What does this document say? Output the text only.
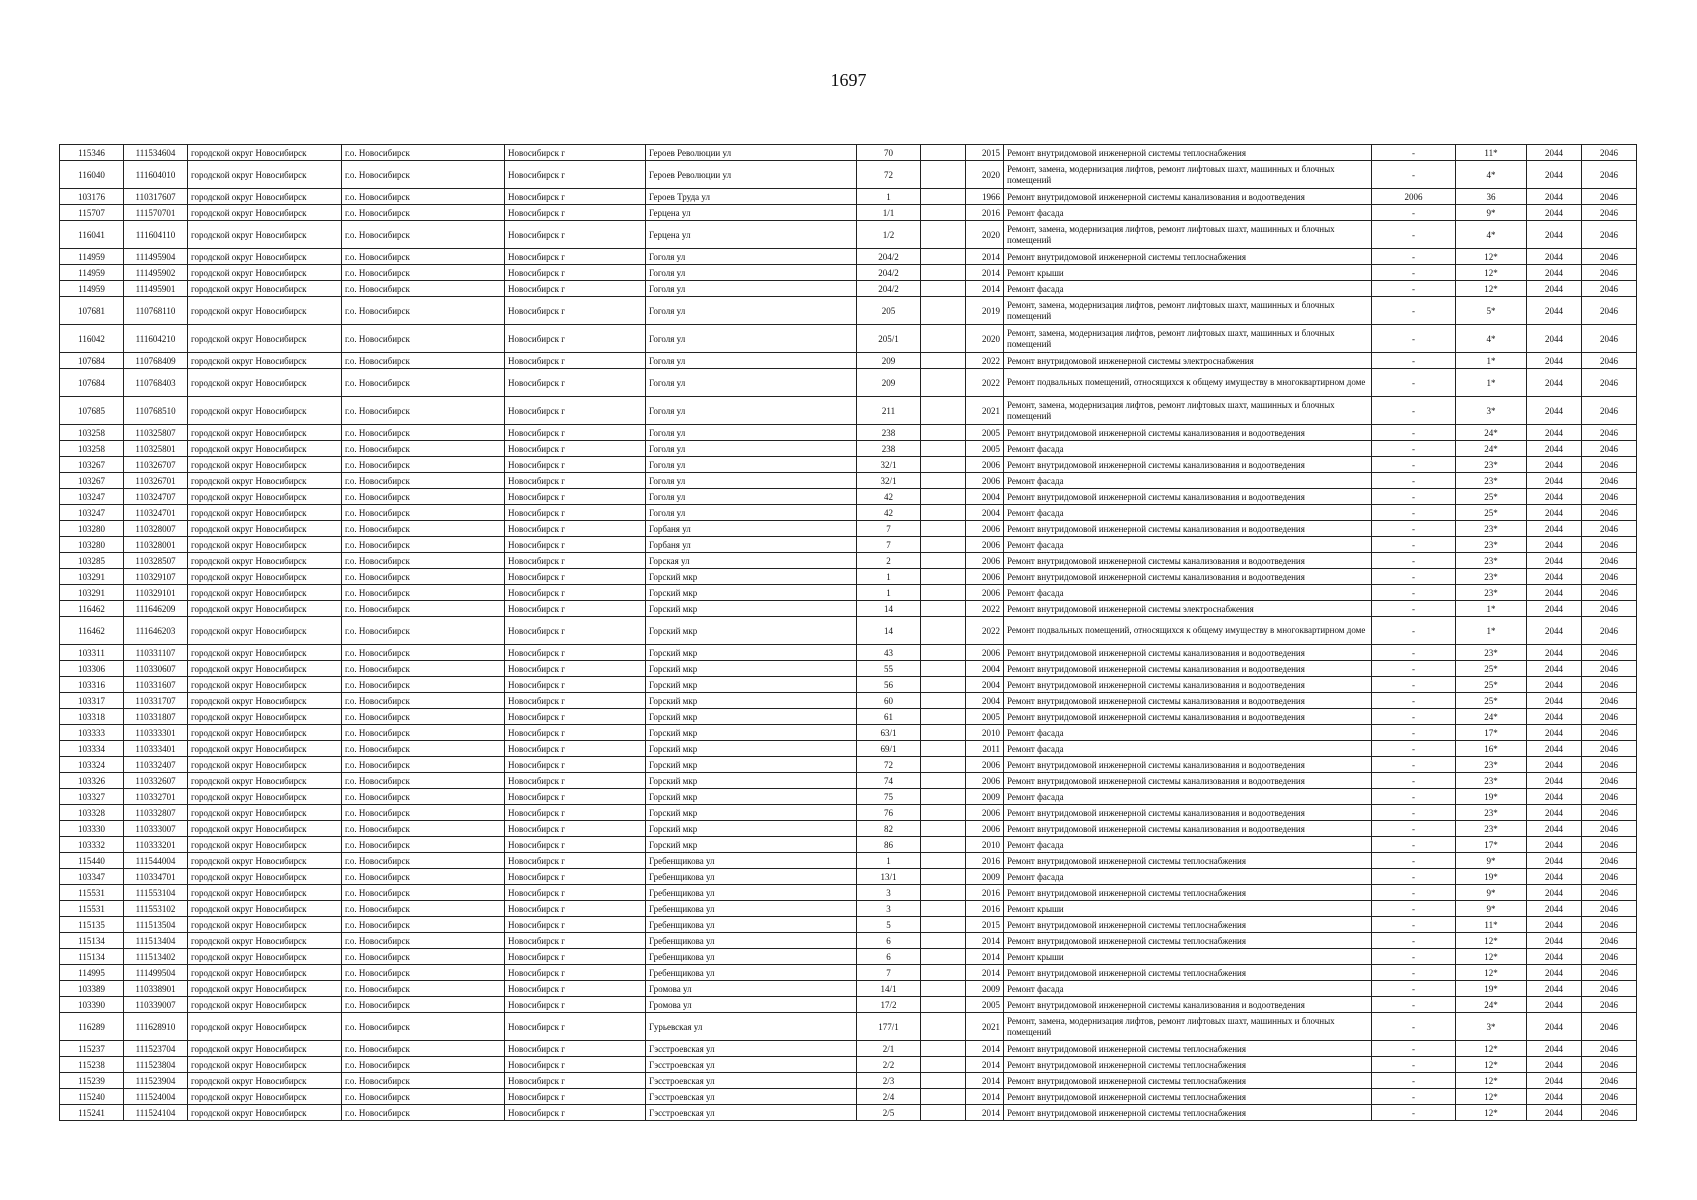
1697
115346	111534604	городской округ Новосибирск	г.о. Новосибирск	Новосибирск г	Героев Революции ул	70		2015	Ремонт внутридомовой инженерной системы теплоснабжения	-	11*	2044	2046
116040	111604010	городской округ Новосибирск	г.о. Новосибирск	Новосибирск г	Героев Революции ул	72		2020	Ремонт, замена, модернизация лифтов, ремонт лифтовых шахт, машинных и блочных помещений	-	4*	2044	2046
103176	110317607	городской округ Новосибирск	г.о. Новосибирск	Новосибирск г	Героев Труда ул	1		1966	Ремонт внутридомовой инженерной системы канализования и водоотведения	2006	36	2044	2046
115707	111570701	городской округ Новосибирск	г.о. Новосибирск	Новосибирск г	Герцена ул	1/1		2016	Ремонт фасада	-	9*	2044	2046
116041	111604110	городской округ Новосибирск	г.о. Новосибирск	Новосибирск г	Герцена ул	1/2		2020	Ремонт, замена, модернизация лифтов, ремонт лифтовых шахт, машинных и блочных помещений	-	4*	2044	2046
114959	111495904	городской округ Новосибирск	г.о. Новосибирск	Новосибирск г	Гоголя ул	204/2		2014	Ремонт внутридомовой инженерной системы теплоснабжения	-	12*	2044	2046
114959	111495902	городской округ Новосибирск	г.о. Новосибирск	Новосибирск г	Гоголя ул	204/2		2014	Ремонт крыши	-	12*	2044	2046
114959	111495901	городской округ Новосибирск	г.о. Новосибирск	Новосибирск г	Гоголя ул	204/2		2014	Ремонт фасада	-	12*	2044	2046
107681	110768110	городской округ Новосибирск	г.о. Новосибирск	Новосибирск г	Гоголя ул	205		2019	Ремонт, замена, модернизация лифтов, ремонт лифтовых шахт, машинных и блочных помещений	-	5*	2044	2046
116042	111604210	городской округ Новосибирск	г.о. Новосибирск	Новосибирск г	Гоголя ул	205/1		2020	Ремонт, замена, модернизация лифтов, ремонт лифтовых шахт, машинных и блочных помещений	-	4*	2044	2046
107684	110768409	городской округ Новосибирск	г.о. Новосибирск	Новосибирск г	Гоголя ул	209		2022	Ремонт внутридомовой инженерной системы электроснабжения	-	1*	2044	2046
107684	110768403	городской округ Новосибирск	г.о. Новосибирск	Новосибирск г	Гоголя ул	209		2022	Ремонт подвальных помещений, относящихся к общему имуществу в многоквартирном доме	-	1*	2044	2046
107685	110768510	городской округ Новосибирск	г.о. Новосибирск	Новосибирск г	Гоголя ул	211		2021	Ремонт, замена, модернизация лифтов, ремонт лифтовых шахт, машинных и блочных помещений	-	3*	2044	2046
103258	110325807	городской округ Новосибирск	г.о. Новосибирск	Новосибирск г	Гоголя ул	238		2005	Ремонт внутридомовой инженерной системы канализования и водоотведения	-	24*	2044	2046
103258	110325801	городской округ Новосибирск	г.о. Новосибирск	Новосибирск г	Гоголя ул	238		2005	Ремонт фасада	-	24*	2044	2046
103267	110326707	городской округ Новосибирск	г.о. Новосибирск	Новосибирск г	Гоголя ул	32/1		2006	Ремонт внутридомовой инженерной системы канализования и водоотведения	-	23*	2044	2046
103267	110326701	городской округ Новосибирск	г.о. Новосибирск	Новосибирск г	Гоголя ул	32/1		2006	Ремонт фасада	-	23*	2044	2046
103247	110324707	городской округ Новосибирск	г.о. Новосибирск	Новосибирск г	Гоголя ул	42		2004	Ремонт внутридомовой инженерной системы канализования и водоотведения	-	25*	2044	2046
103247	110324701	городской округ Новосибирск	г.о. Новосибирск	Новосибирск г	Гоголя ул	42		2004	Ремонт фасада	-	25*	2044	2046
103280	110328007	городской округ Новосибирск	г.о. Новосибирск	Новосибирск г	Горбаня ул	7		2006	Ремонт внутридомовой инженерной системы канализования и водоотведения	-	23*	2044	2046
103280	110328001	городской округ Новосибирск	г.о. Новосибирск	Новосибирск г	Горбаня ул	7		2006	Ремонт фасада	-	23*	2044	2046
103285	110328507	городской округ Новосибирск	г.о. Новосибирск	Новосибирск г	Горская ул	2		2006	Ремонт внутридомовой инженерной системы канализования и водоотведения	-	23*	2044	2046
103291	110329107	городской округ Новосибирск	г.о. Новосибирск	Новосибирск г	Горский мкр	1		2006	Ремонт внутридомовой инженерной системы канализования и водоотведения	-	23*	2044	2046
103291	110329101	городской округ Новосибирск	г.о. Новосибирск	Новосибирск г	Горский мкр	1		2006	Ремонт фасада	-	23*	2044	2046
116462	111646209	городской округ Новосибирск	г.о. Новосибирск	Новосибирск г	Горский мкр	14		2022	Ремонт внутридомовой инженерной системы электроснабжения	-	1*	2044	2046
116462	111646203	городской округ Новосибирск	г.о. Новосибирск	Новосибирск г	Горский мкр	14		2022	Ремонт подвальных помещений, относящихся к общему имуществу в многоквартирном доме	-	1*	2044	2046
103311	110331107	городской округ Новосибирск	г.о. Новосибирск	Новосибирск г	Горский мкр	43		2006	Ремонт внутридомовой инженерной системы канализования и водоотведения	-	23*	2044	2046
103306	110330607	городской округ Новосибирск	г.о. Новосибирск	Новосибирск г	Горский мкр	55		2004	Ремонт внутридомовой инженерной системы канализования и водоотведения	-	25*	2044	2046
103316	110331607	городской округ Новосибирск	г.о. Новосибирск	Новосибирск г	Горский мкр	56		2004	Ремонт внутридомовой инженерной системы канализования и водоотведения	-	25*	2044	2046
103317	110331707	городской округ Новосибирск	г.о. Новосибирск	Новосибирск г	Горский мкр	60		2004	Ремонт внутридомовой инженерной системы канализования и водоотведения	-	25*	2044	2046
103318	110331807	городской округ Новосибирск	г.о. Новосибирск	Новосибирск г	Горский мкр	61		2005	Ремонт внутридомовой инженерной системы канализования и водоотведения	-	24*	2044	2046
103333	110333301	городской округ Новосибирск	г.о. Новосибирск	Новосибирск г	Горский мкр	63/1		2010	Ремонт фасада	-	17*	2044	2046
103334	110333401	городской округ Новосибирск	г.о. Новосибирск	Новосибирск г	Горский мкр	69/1		2011	Ремонт фасада	-	16*	2044	2046
103324	110332407	городской округ Новосибирск	г.о. Новосибирск	Новосибирск г	Горский мкр	72		2006	Ремонт внутридомовой инженерной системы канализования и водоотведения	-	23*	2044	2046
103326	110332607	городской округ Новосибирск	г.о. Новосибирск	Новосибирск г	Горский мкр	74		2006	Ремонт внутридомовой инженерной системы канализования и водоотведения	-	23*	2044	2046
103327	110332701	городской округ Новосибирск	г.о. Новосибирск	Новосибирск г	Горский мкр	75		2009	Ремонт фасада	-	19*	2044	2046
103328	110332807	городской округ Новосибирск	г.о. Новосибирск	Новосибирск г	Горский мкр	76		2006	Ремонт внутридомовой инженерной системы канализования и водоотведения	-	23*	2044	2046
103330	110333007	городской округ Новосибирск	г.о. Новосибирск	Новосибирск г	Горский мкр	82		2006	Ремонт внутридомовой инженерной системы канализования и водоотведения	-	23*	2044	2046
103332	110333201	городской округ Новосибирск	г.о. Новосибирск	Новосибирск г	Горский мкр	86		2010	Ремонт фасада	-	17*	2044	2046
115440	111544004	городской округ Новосибирск	г.о. Новосибирск	Новосибирск г	Гребенщикова ул	1		2016	Ремонт внутридомовой инженерной системы теплоснабжения	-	9*	2044	2046
103347	110334701	городской округ Новосибирск	г.о. Новосибирск	Новосибирск г	Гребенщикова ул	13/1		2009	Ремонт фасада	-	19*	2044	2046
115531	111553104	городской округ Новосибирск	г.о. Новосибирск	Новосибирск г	Гребенщикова ул	3		2016	Ремонт внутридомовой инженерной системы теплоснабжения	-	9*	2044	2046
115531	111553102	городской округ Новосибирск	г.о. Новосибирск	Новосибирск г	Гребенщикова ул	3		2016	Ремонт крыши	-	9*	2044	2046
115135	111513504	городской округ Новосибирск	г.о. Новосибирск	Новосибирск г	Гребенщикова ул	5		2015	Ремонт внутридомовой инженерной системы теплоснабжения	-	11*	2044	2046
115134	111513404	городской округ Новосибирск	г.о. Новосибирск	Новосибирск г	Гребенщикова ул	6		2014	Ремонт внутридомовой инженерной системы теплоснабжения	-	12*	2044	2046
115134	111513402	городской округ Новосибирск	г.о. Новосибирск	Новосибирск г	Гребенщикова ул	6		2014	Ремонт крыши	-	12*	2044	2046
114995	111499504	городской округ Новосибирск	г.о. Новосибирск	Новосибирск г	Гребенщикова ул	7		2014	Ремонт внутридомовой инженерной системы теплоснабжения	-	12*	2044	2046
103389	110338901	городской округ Новосибирск	г.о. Новосибирск	Новосибирск г	Громова ул	14/1		2009	Ремонт фасада	-	19*	2044	2046
103390	110339007	городской округ Новосибирск	г.о. Новосибирск	Новосибирск г	Громова ул	17/2		2005	Ремонт внутридомовой инженерной системы канализования и водоотведения	-	24*	2044	2046
116289	111628910	городской округ Новосибирск	г.о. Новосибирск	Новосибирск г	Гурьевская ул	177/1		2021	Ремонт, замена, модернизация лифтов, ремонт лифтовых шахт, машинных и блочных помещений	-	3*	2044	2046
115237	111523704	городской округ Новосибирск	г.о. Новосибирск	Новосибирск г	Гэсстроевская ул	2/1		2014	Ремонт внутридомовой инженерной системы теплоснабжения	-	12*	2044	2046
115238	111523804	городской округ Новосибирск	г.о. Новосибирск	Новосибирск г	Гэсстроевская ул	2/2		2014	Ремонт внутридомовой инженерной системы теплоснабжения	-	12*	2044	2046
115239	111523904	городской округ Новосибирск	г.о. Новосибирск	Новосибирск г	Гэсстроевская ул	2/3		2014	Ремонт внутридомовой инженерной системы теплоснабжения	-	12*	2044	2046
115240	111524004	городской округ Новосибирск	г.о. Новосибирск	Новосибирск г	Гэсстроевская ул	2/4		2014	Ремонт внутридомовой инженерной системы теплоснабжения	-	12*	2044	2046
115241	111524104	городской округ Новосибирск	г.о. Новосибирск	Новосибирск г	Гэсстроевская ул	2/5		2014	Ремонт внутридомовой инженерной системы теплоснабжения	-	12*	2044	2046
